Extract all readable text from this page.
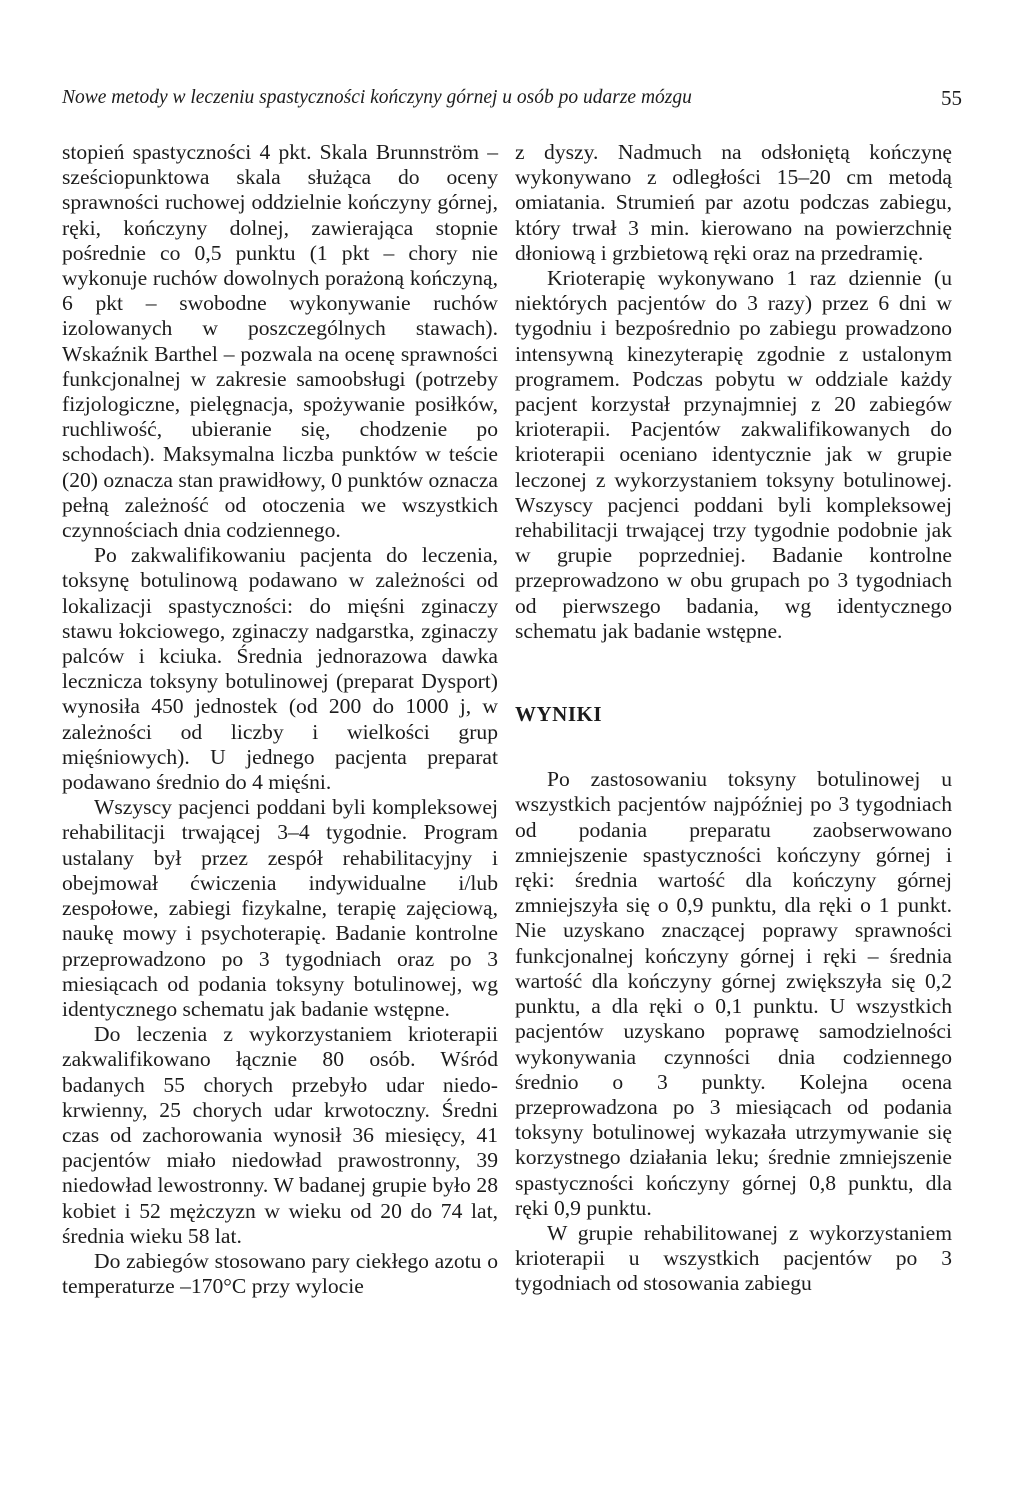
Nowe metody w leczeniu spastyczności kończyny górnej u osób po udarze mózgu	55

stopień spastyczności 4 pkt. Skala Brunnström – sześciopunktowa skala służąca do oceny sprawności ruchowej oddzielnie kończyny górnej, ręki, kończyny dolnej, zawierająca stopnie pośrednie co 0,5 punktu (1 pkt – chory nie wykonuje ruchów dowolnych porażoną kończyną, 6 pkt – swobodne wykonywanie ruchów izolowanych w poszczególnych stawach). Wskaźnik Barthel – pozwala na ocenę sprawności funkcjonalnej w zakresie samoobsługi (potrzeby fizjologiczne, pielęgnacja, spożywanie posiłków, ruchliwość, ubieranie się, chodzenie po schodach). Maksymalna liczba punktów w teście (20) oznacza stan prawidłowy, 0 punktów oznacza pełną zależność od otoczenia we wszystkich czynnościach dnia codziennego.

Po zakwalifikowaniu pacjenta do leczenia, toksynę botulinową podawano w zależności od lokalizacji spastyczności: do mięśni zginaczy stawu łokciowego, zginaczy nadgarstka, zginaczy palców i kciuka. Średnia jednorazowa dawka lecznicza toksyny botulinowej (preparat Dysport) wynosiła 450 jednostek (od 200 do 1000 j, w zależności od liczby i wielkości grup mięśniowych). U jednego pacjenta preparat podawano średnio do 4 mięśni.

Wszyscy pacjenci poddani byli kompleksowej rehabilitacji trwającej 3–4 tygodnie. Program ustalany był przez zespół rehabilitacyjny i obejmował ćwiczenia indywidualne i/lub zespołowe, zabiegi fizykalne, terapię zajęciową, naukę mowy i psychoterapię. Badanie kontrolne przeprowadzono po 3 tygodniach oraz po 3 miesiącach od podania toksyny botulinowej, wg identycznego schematu jak badanie wstępne.

Do leczenia z wykorzystaniem krioterapii zakwalifikowano łącznie 80 osób. Wśród badanych 55 chorych przebyło udar niedokrwienny, 25 chorych udar krwotoczny. Średni czas od zachorowania wynosił 36 miesięcy, 41 pacjentów miało niedowład prawostronny, 39 niedowład lewostronny. W badanej grupie było 28 kobiet i 52 mężczyzn w wieku od 20 do 74 lat, średnia wieku 58 lat.

Do zabiegów stosowano pary ciekłego azotu o temperaturze –170°C przy wylocie

z dyszy. Nadmuch na odsłoniętą kończynę wykonywano z odległości 15–20 cm metodą omiatania. Strumień par azotu podczas zabiegu, który trwał 3 min. kierowano na powierzchnię dłoniową i grzbietową ręki oraz na przedramię.

Krioterapię wykonywano 1 raz dziennie (u niektórych pacjentów do 3 razy) przez 6 dni w tygodniu i bezpośrednio po zabiegu prowadzono intensywną kinezyterapię zgodnie z ustalonym programem. Podczas pobytu w oddziale każdy pacjent korzystał przynajmniej z 20 zabiegów krioterapii. Pacjentów zakwalifikowanych do krioterapii oceniano identycznie jak w grupie leczonej z wykorzystaniem toksyny botulinowej. Wszyscy pacjenci poddani byli kompleksowej rehabilitacji trwającej trzy tygodnie podobnie jak w grupie poprzedniej. Badanie kontrolne przeprowadzono w obu grupach po 3 tygodniach od pierwszego badania, wg identycznego schematu jak badanie wstępne.

WYNIKI

Po zastosowaniu toksyny botulinowej u wszystkich pacjentów najpóźniej po 3 tygodniach od podania preparatu zaobserwowano zmniejszenie spastyczności kończyny górnej i ręki: średnia wartość dla kończyny górnej zmniejszyła się o 0,9 punktu, dla ręki o 1 punkt. Nie uzyskano znaczącej poprawy sprawności funkcjonalnej kończyny górnej i ręki – średnia wartość dla kończyny górnej zwiększyła się 0,2 punktu, a dla ręki o 0,1 punktu. U wszystkich pacjentów uzyskano poprawę samodzielności wykonywania czynności dnia codziennego średnio o 3 punkty. Kolejna ocena przeprowadzona po 3 miesiącach od podania toksyny botulinowej wykazała utrzymywanie się korzystnego działania leku; średnie zmniejszenie spastyczności kończyny górnej 0,8 punktu, dla ręki 0,9 punktu.

W grupie rehabilitowanej z wykorzystaniem krioterapii u wszystkich pacjentów po 3 tygodniach od stosowania zabiegu
